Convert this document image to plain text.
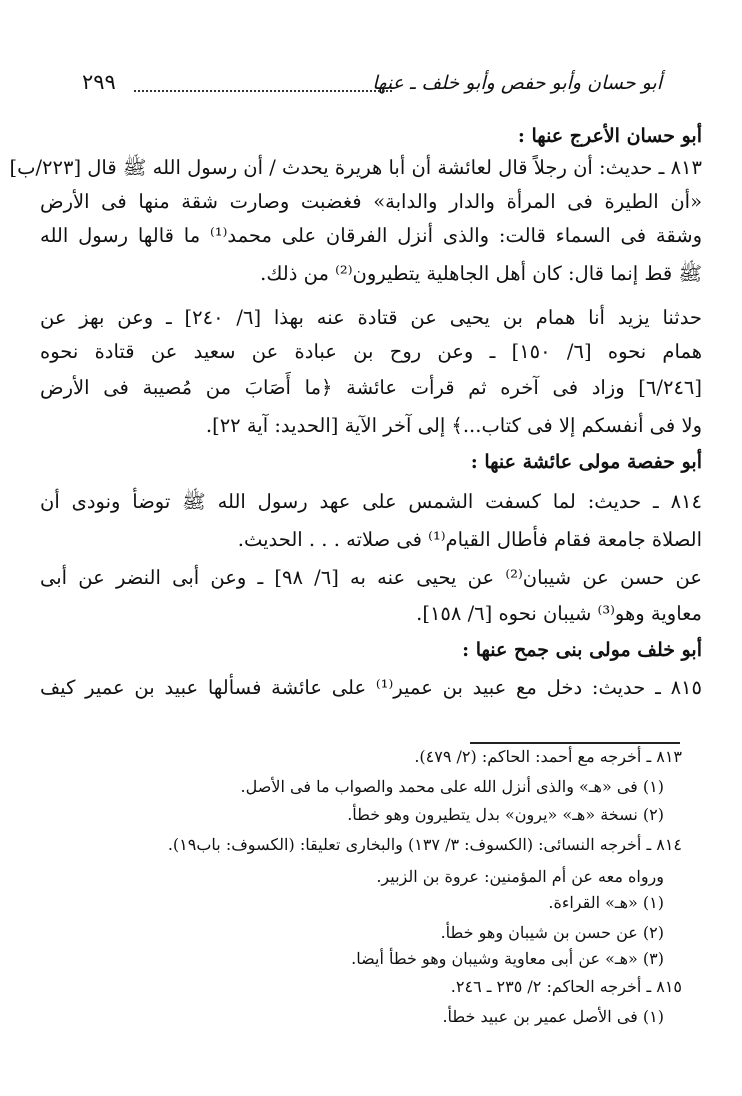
أبو حسان وأبو حفص وأبو خلف ـ عنها
٢٩٩
أبو حسان الأعرج عنها :
٨١٣ ـ حديث: أن رجلاً قال لعائشة أن أبا هريرة يحدث / أن رسول الله ﷺ قال [٢٢٣/ب]
«أن الطيرة فى المرأة والدار والدابة» فغضبت وصارت شقة منها فى الأرض
وشقة فى السماء قالت: والذى أنزل الفرقان على محمد⁽¹⁾ ما قالها رسول الله
ﷺ قط إنما قال: كان أهل الجاهلية يتطيرون⁽²⁾ من ذلك.
حدثنا يزيد أنا همام بن يحيى عن قتادة عنه بهذا [٦/ ٢٤٠] ـ وعن بهز عن
همام نحوه [٦/ ١٥٠] ـ وعن روح بن عبادة عن سعيد عن قتادة نحوه
[٦/٢٤٦] وزاد فى آخره ثم قرأت عائشة ﴿ما أَصَابَ من مُصيبة فى الأرض
ولا فى أنفسكم إلا فى كتاب...﴾ إلى آخر الآية [الحديد: آية ٢٢].
أبو حفصة مولى عائشة عنها :
٨١٤ ـ حديث: لما كسفت الشمس على عهد رسول الله ﷺ توضأ ونودى أن
الصلاة جامعة فقام فأطال القيام⁽¹⁾ فى صلاته . . . الحديث.
عن حسن عن شيبان⁽²⁾ عن يحيى عنه به [٦/ ٩٨] ـ وعن أبى النضر عن أبى
معاوية وهو⁽³⁾ شيبان نحوه [٦/ ١٥٨].
أبو خلف مولى بنى جمح عنها :
٨١٥ ـ حديث: دخل مع عبيد بن عمير⁽¹⁾ على عائشة فسألها عبيد بن عمير كيف
٨١٣ ـ أخرجه مع أحمد: الحاكم: (٢/ ٤٧٩).
(١) فى «هـ» والذى أنزل الله على محمد والصواب ما فى الأصل.
(٢) نسخة «هـ» «يرون» بدل يتطيرون وهو خطأ.
٨١٤ ـ أخرجه النسائى: (الكسوف: ٣/ ١٣٧) والبخارى تعليقا: (الكسوف: باب١٩).
ورواه معه عن أم المؤمنين: عروة بن الزبير.
(١) «هـ» القراءة.
(٢) عن حسن بن شيبان وهو خطأ.
(٣) «هـ» عن أبى معاوية وشيبان وهو خطأ أيضا.
٨١٥ ـ أخرجه الحاكم: ٢/ ٢٣٥ ـ ٢٤٦.
(١) فى الأصل عمير بن عبيد خطأ.
